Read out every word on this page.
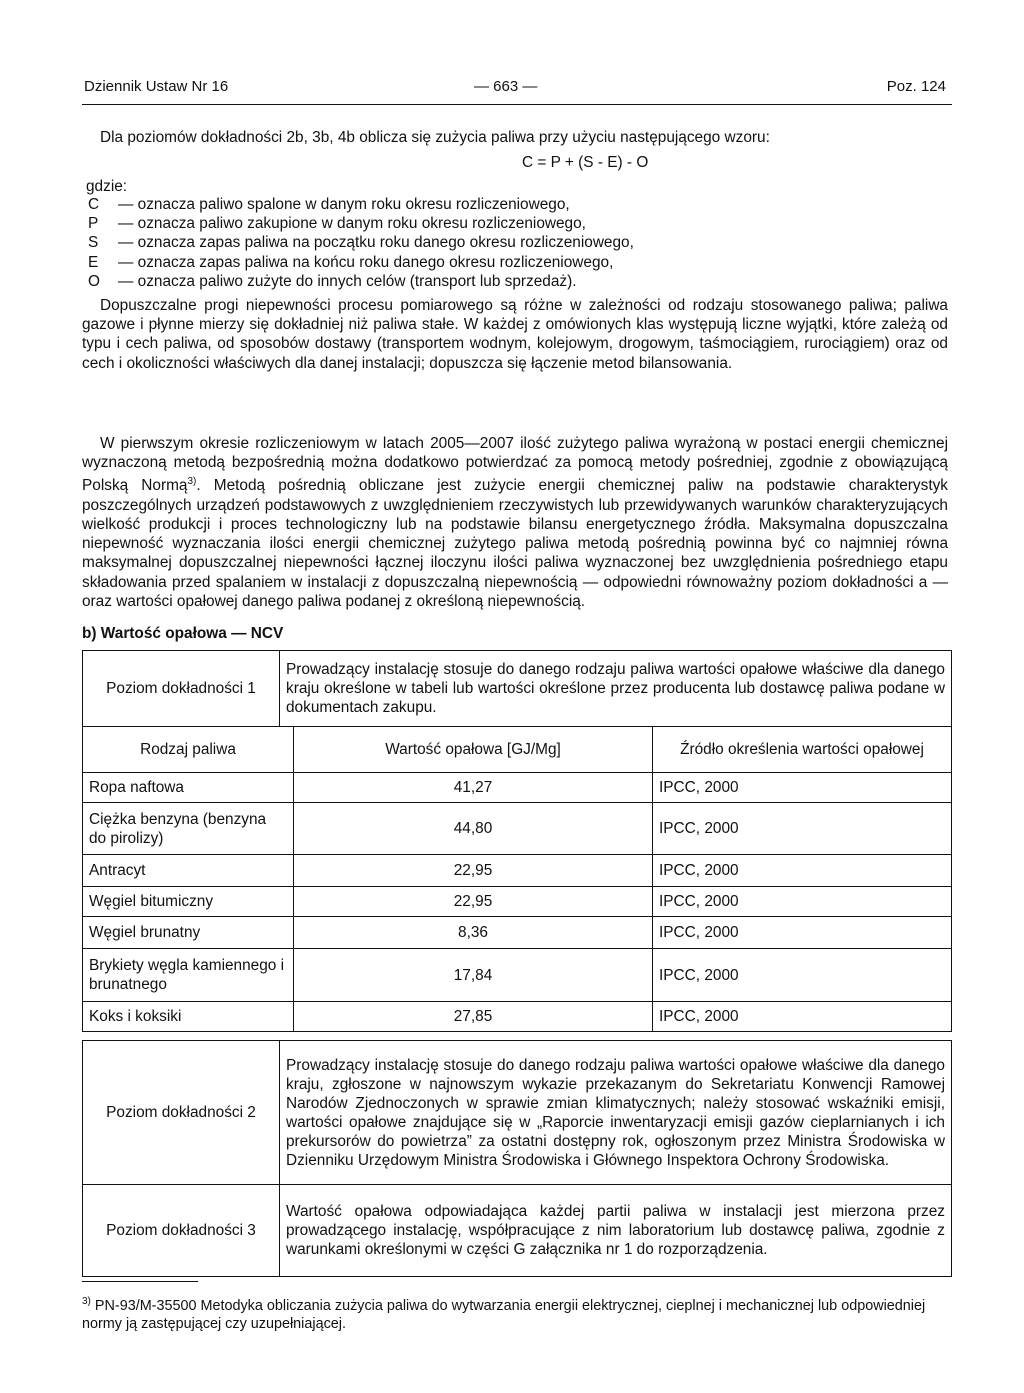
Dziennik Ustaw Nr 16	— 663 —	Poz. 124
Dla poziomów dokładności 2b, 3b, 4b oblicza się zużycia paliwa przy użyciu następującego wzoru:
C = P + (S - E) - O
gdzie:
C — oznacza paliwo spalone w danym roku okresu rozliczeniowego,
P — oznacza paliwo zakupione w danym roku okresu rozliczeniowego,
S — oznacza zapas paliwa na początku roku danego okresu rozliczeniowego,
E — oznacza zapas paliwa na końcu roku danego okresu rozliczeniowego,
O — oznacza paliwo zużyte do innych celów (transport lub sprzedaż).
Dopuszczalne progi niepewności procesu pomiarowego są różne w zależności od rodzaju stosowanego paliwa; paliwa gazowe i płynne mierzy się dokładniej niż paliwa stałe. W każdej z omówionych klas występują liczne wyjątki, które zależą od typu i cech paliwa, od sposobów dostawy (transportem wodnym, kolejowym, drogowym, taśmociągiem, rurociągiem) oraz od cech i okoliczności właściwych dla danej instalacji; dopuszcza się łączenie metod bilansowania.
W pierwszym okresie rozliczeniowym w latach 2005—2007 ilość zużytego paliwa wyrażoną w postaci energii chemicznej wyznaczoną metodą bezpośrednią można dodatkowo potwierdzać za pomocą metody pośredniej, zgodnie z obowiązującą Polską Normą$^{3)}$. Metodą pośrednią obliczane jest zużycie energii chemicznej paliw na podstawie charakterystyk poszczególnych urządzeń podstawowych z uwzględnieniem rzeczywistych lub przewidywanych warunków charakteryzujących wielkość produkcji i proces technologiczny lub na podstawie bilansu energetycznego źródła. Maksymalna dopuszczalna niepewność wyznaczania ilości energii chemicznej zużytego paliwa metodą pośrednią powinna być co najmniej równa maksymalnej dopuszczalnej niepewności łącznej iloczynu ilości paliwa wyznaczonej bez uwzględnienia pośredniego etapu składowania przed spalaniem w instalacji z dopuszczalną niepewnością — odpowiedni równoważny poziom dokładności a — oraz wartości opałowej danego paliwa podanej z określoną niepewnością.
b) Wartość opałowa — NCV
Poziom dokładności 1	Prowadzący instalację stosuje do danego rodzaju paliwa wartości opałowe właściwe dla danego kraju określone w tabeli lub wartości określone przez producenta lub dostawcę paliwa podane w dokumentach zakupu.
Rodzaj paliwa	Wartość opałowa [GJ/Mg]	Źródło określenia wartości opałowej
Ropa naftowa	41,27	IPCC, 2000
Ciężka benzyna (benzyna do pirolizy)	44,80	IPCC, 2000
Antracyt	22,95	IPCC, 2000
Węgiel bitumiczny	22,95	IPCC, 2000
Węgiel brunatny	8,36	IPCC, 2000
Brykiety węgla kamiennego i brunatnego	17,84	IPCC, 2000
Koks i koksiki	27,85	IPCC, 2000
Poziom dokładności 2	Prowadzący instalację stosuje do danego rodzaju paliwa wartości opałowe właściwe dla danego kraju, zgłoszone w najnowszym wykazie przekazanym do Sekretariatu Konwencji Ramowej Narodów Zjednoczonych w sprawie zmian klimatycznych; należy stosować wskaźniki emisji, wartości opałowe znajdujące się w „Raporcie inwentaryzacji emisji gazów cieplarnianych i ich prekursorów do powietrza” za ostatni dostępny rok, ogłoszonym przez Ministra Środowiska w Dzienniku Urzędowym Ministra Środowiska i Głównego Inspektora Ochrony Środowiska.
Poziom dokładności 3	Wartość opałowa odpowiadająca każdej partii paliwa w instalacji jest mierzona przez prowadzącego instalację, współpracujące z nim laboratorium lub dostawcę paliwa, zgodnie z warunkami określonymi w części G załącznika nr 1 do rozporządzenia.
$^{3)}$ PN-93/M-35500 Metodyka obliczania zużycia paliwa do wytwarzania energii elektrycznej, cieplnej i mechanicznej lub odpowiedniej normy ją zastępującej czy uzupełniającej.
